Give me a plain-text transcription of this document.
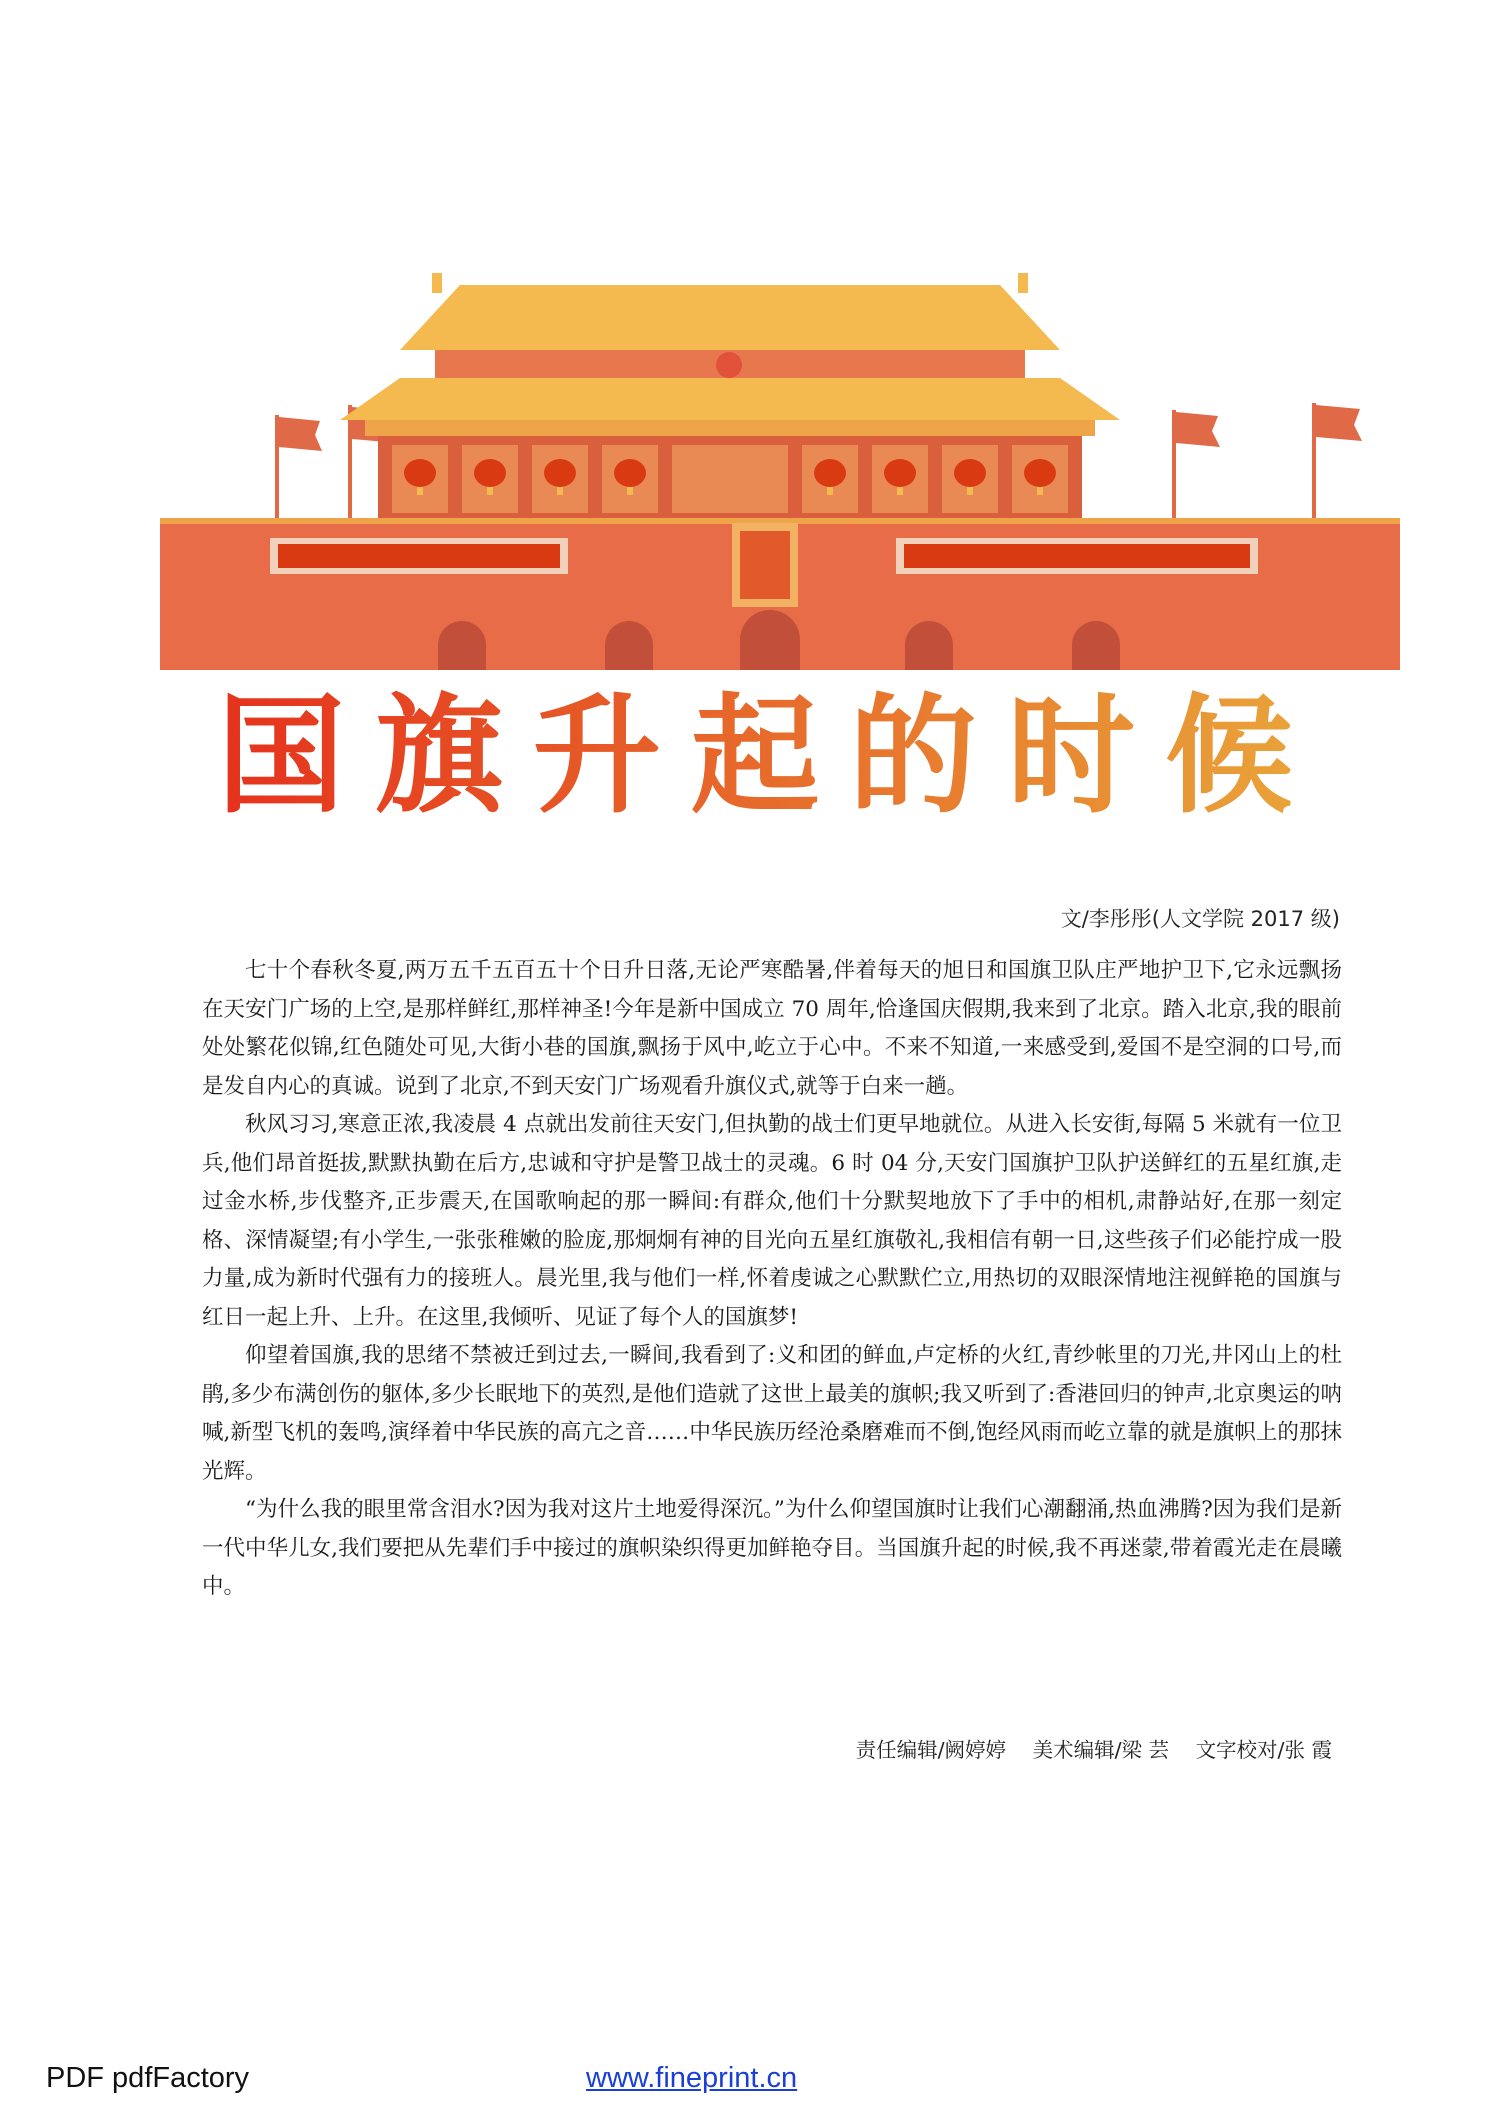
国旗升起的时候
文/李彤彤(人文学院 2017 级)

七十个春秋冬夏,两万五千五百五十个日升日落,无论严寒酷暑,伴着每天的旭日和国旗卫队庄严地护卫下,它永远飘扬在天安门广场的上空,是那样鲜红,那样神圣!今年是新中国成立 70 周年,恰逢国庆假期,我来到了北京。踏入北京,我的眼前处处繁花似锦,红色随处可见,大街小巷的国旗,飘扬于风中,屹立于心中。不来不知道,一来感受到,爱国不是空洞的口号,而是发自内心的真诚。说到了北京,不到天安门广场观看升旗仪式,就等于白来一趟。

秋风习习,寒意正浓,我凌晨 4 点就出发前往天安门,但执勤的战士们更早地就位。从进入长安街,每隔 5 米就有一位卫兵,他们昂首挺拔,默默执勤在后方,忠诚和守护是警卫战士的灵魂。6 时 04 分,天安门国旗护卫队护送鲜红的五星红旗,走过金水桥,步伐整齐,正步震天,在国歌响起的那一瞬间:有群众,他们十分默契地放下了手中的相机,肃静站好,在那一刻定格、深情凝望;有小学生,一张张稚嫩的脸庞,那炯炯有神的目光向五星红旗敬礼,我相信有朝一日,这些孩子们必能拧成一股力量,成为新时代强有力的接班人。晨光里,我与他们一样,怀着虔诚之心默默伫立,用热切的双眼深情地注视鲜艳的国旗与红日一起上升、上升。在这里,我倾听、见证了每个人的国旗梦!

仰望着国旗,我的思绪不禁被迁到过去,一瞬间,我看到了:义和团的鲜血,卢定桥的火红,青纱帐里的刀光,井冈山上的杜鹃,多少布满创伤的躯体,多少长眠地下的英烈,是他们造就了这世上最美的旗帜;我又听到了:香港回归的钟声,北京奥运的呐喊,新型飞机的轰鸣,演绎着中华民族的高亢之音……中华民族历经沧桑磨难而不倒,饱经风雨而屹立靠的就是旗帜上的那抹光辉。

“为什么我的眼里常含泪水?因为我对这片土地爱得深沉。”为什么仰望国旗时让我们心潮翻涌,热血沸腾?因为我们是新一代中华儿女,我们要把从先辈们手中接过的旗帜染织得更加鲜艳夺目。当国旗升起的时候,我不再迷蒙,带着霞光走在晨曦中。

责任编辑/阙婷婷 美术编辑/梁 芸 文字校对/张 霞
PDF pdfFactory	www.fineprint.cn
